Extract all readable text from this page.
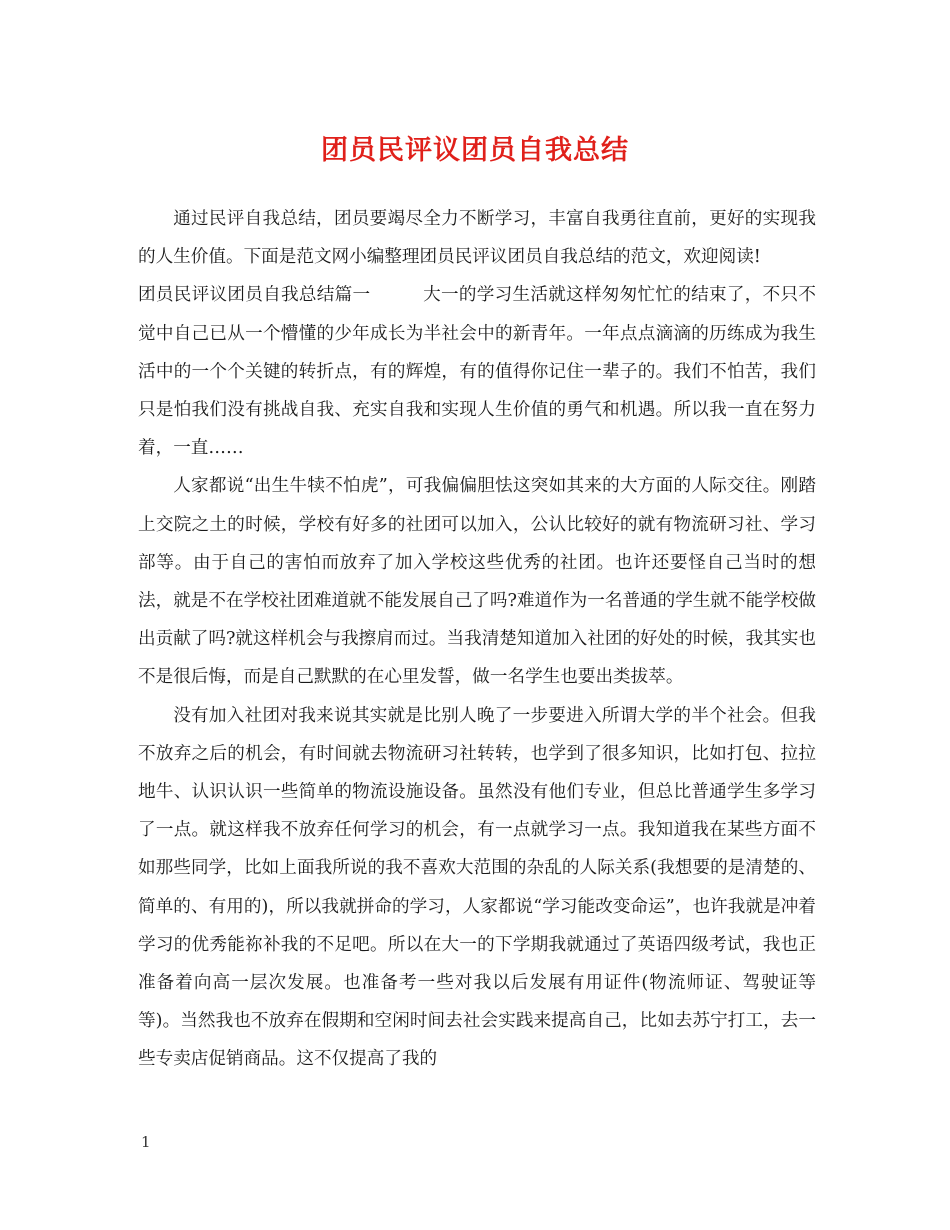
团员民评议团员自我总结

通过民评自我总结，团员要竭尽全力不断学习，丰富自我勇往直前，更好的实现我的人生价值。下面是范文网小编整理团员民评议团员自我总结的范文，欢迎阅读!

团员民评议团员自我总结篇一	大一的学习生活就这样匆匆忙忙的结束了，不只不觉中自己已从一个懵懂的少年成长为半社会中的新青年。一年点点滴滴的历练成为我生活中的一个个关键的转折点，有的辉煌，有的值得你记住一辈子的。我们不怕苦，我们只是怕我们没有挑战自我、充实自我和实现人生价值的勇气和机遇。所以我一直在努力着，一直……

人家都说“出生牛犊不怕虎”，可我偏偏胆怯这突如其来的大方面的人际交往。刚踏上交院之土的时候，学校有好多的社团可以加入，公认比较好的就有物流研习社、学习部等。由于自己的害怕而放弃了加入学校这些优秀的社团。也许还要怪自己当时的想法，就是不在学校社团难道就不能发展自己了吗?难道作为一名普通的学生就不能学校做出贡献了吗?就这样机会与我擦肩而过。当我清楚知道加入社团的好处的时候，我其实也不是很后悔，而是自己默默的在心里发誓，做一名学生也要出类拔萃。

没有加入社团对我来说其实就是比别人晚了一步要进入所谓大学的半个社会。但我不放弃之后的机会，有时间就去物流研习社转转，也学到了很多知识，比如打包、拉拉地牛、认识认识一些简单的物流设施设备。虽然没有他们专业，但总比普通学生多学习了一点。就这样我不放弃任何学习的机会，有一点就学习一点。我知道我在某些方面不如那些同学，比如上面我所说的我不喜欢大范围的杂乱的人际关系(我想要的是清楚的、简单的、有用的)，所以我就拼命的学习，人家都说“学习能改变命运”，也许我就是冲着学习的优秀能祢补我的不足吧。所以在大一的下学期我就通过了英语四级考试，我也正准备着向高一层次发展。也准备考一些对我以后发展有用证件(物流师证、驾驶证等等)。当然我也不放弃在假期和空闲时间去社会实践来提高自己，比如去苏宁打工，去一些专卖店促销商品。这不仅提高了我的

1
